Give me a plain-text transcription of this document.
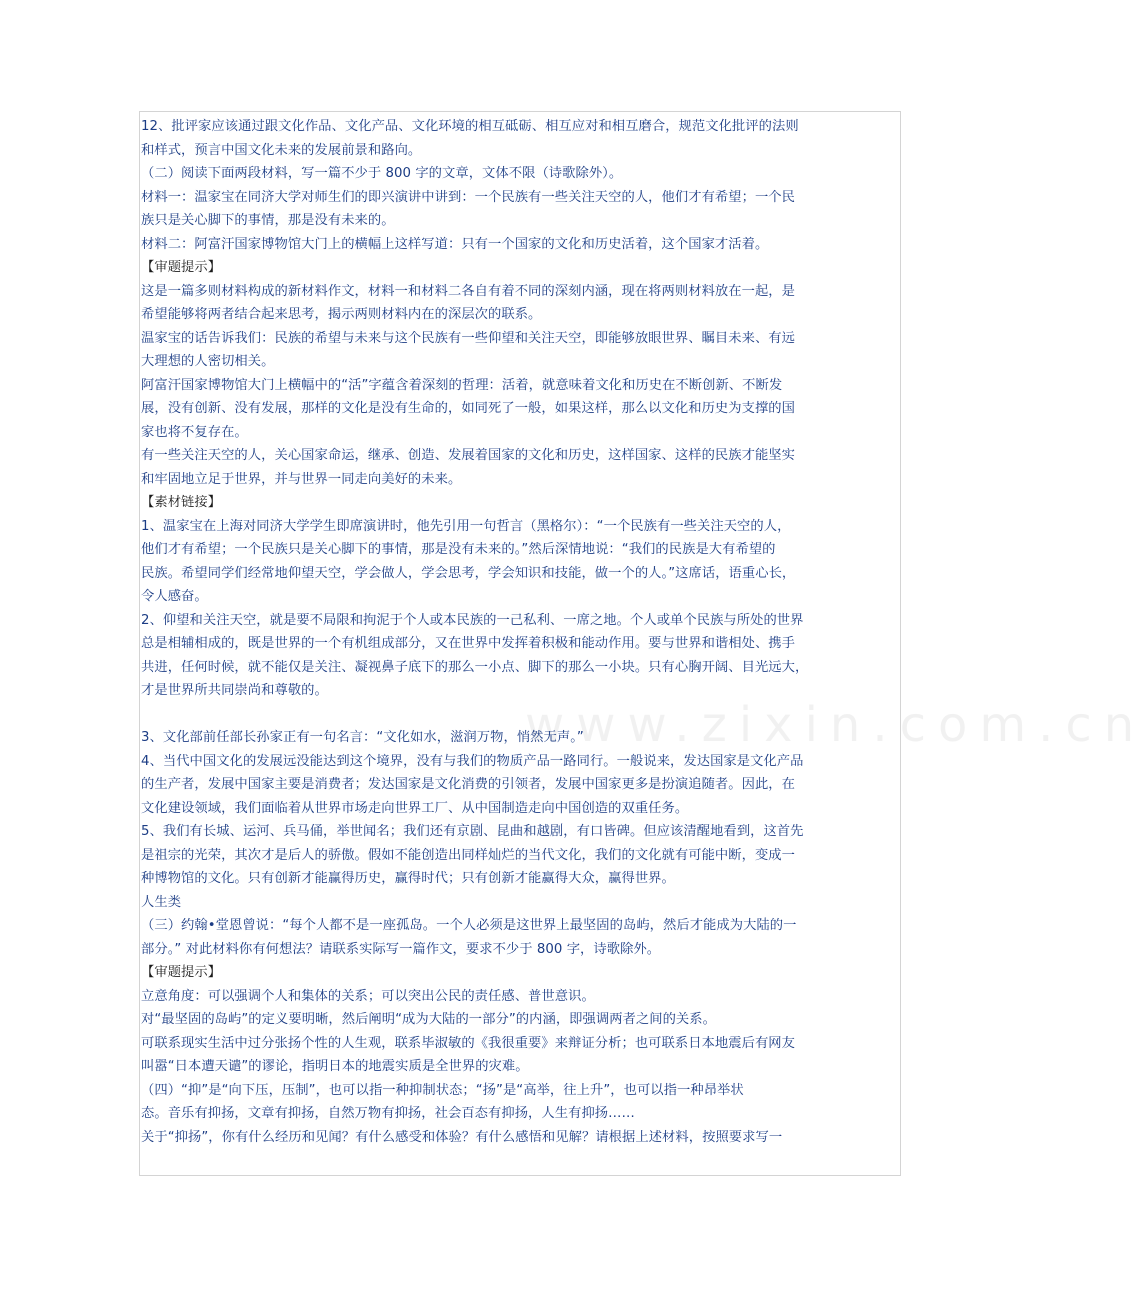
www.zixin.com.cn
12、批评家应该通过跟文化作品、文化产品、文化环境的相互砥砺、相互应对和相互磨合，规范文化批评的法则
和样式，预言中国文化未来的发展前景和路向。
（二）阅读下面两段材料，写一篇不少于 800 字的文章，文体不限（诗歌除外）。
材料一：温家宝在同济大学对师生们的即兴演讲中讲到：一个民族有一些关注天空的人，他们才有希望；一个民
族只是关心脚下的事情，那是没有未来的。
材料二：阿富汗国家博物馆大门上的横幅上这样写道：只有一个国家的文化和历史活着，这个国家才活着。
【审题提示】
这是一篇多则材料构成的新材料作文，材料一和材料二各自有着不同的深刻内涵，现在将两则材料放在一起，是
希望能够将两者结合起来思考，揭示两则材料内在的深层次的联系。
温家宝的话告诉我们：民族的希望与未来与这个民族有一些仰望和关注天空，即能够放眼世界、瞩目未来、有远
大理想的人密切相关。
阿富汗国家博物馆大门上横幅中的“活”字蕴含着深刻的哲理：活着，就意味着文化和历史在不断创新、不断发
展，没有创新、没有发展，那样的文化是没有生命的，如同死了一般，如果这样，那么以文化和历史为支撑的国
家也将不复存在。
有一些关注天空的人，关心国家命运，继承、创造、发展着国家的文化和历史，这样国家、这样的民族才能坚实
和牢固地立足于世界，并与世界一同走向美好的未来。
【素材链接】
1、温家宝在上海对同济大学学生即席演讲时，他先引用一句哲言（黑格尔）：“一个民族有一些关注天空的人，
他们才有希望；一个民族只是关心脚下的事情，那是没有未来的。”然后深情地说：“我们的民族是大有希望的
民族。希望同学们经常地仰望天空，学会做人，学会思考，学会知识和技能，做一个的人。”这席话，语重心长，
令人感奋。
2、仰望和关注天空，就是要不局限和拘泥于个人或本民族的一己私利、一席之地。个人或单个民族与所处的世界
总是相辅相成的，既是世界的一个有机组成部分，又在世界中发挥着积极和能动作用。要与世界和谐相处、携手
共进，任何时候，就不能仅是关注、凝视鼻子底下的那么一小点、脚下的那么一小块。只有心胸开阔、目光远大，
才是世界所共同崇尚和尊敬的。
3、文化部前任部长孙家正有一句名言：“文化如水，滋润万物，悄然无声。”
4、当代中国文化的发展远没能达到这个境界，没有与我们的物质产品一路同行。一般说来，发达国家是文化产品
的生产者，发展中国家主要是消费者；发达国家是文化消费的引领者，发展中国家更多是扮演追随者。因此，在
文化建设领域，我们面临着从世界市场走向世界工厂、从中国制造走向中国创造的双重任务。
5、我们有长城、运河、兵马俑，举世闻名；我们还有京剧、昆曲和越剧，有口皆碑。但应该清醒地看到，这首先
是祖宗的光荣，其次才是后人的骄傲。假如不能创造出同样灿烂的当代文化，我们的文化就有可能中断，变成一
种博物馆的文化。只有创新才能赢得历史，赢得时代；只有创新才能赢得大众，赢得世界。
人生类
（三）约翰•堂恩曾说：“每个人都不是一座孤岛。一个人必须是这世界上最坚固的岛屿，然后才能成为大陆的一
部分。” 对此材料你有何想法？请联系实际写一篇作文，要求不少于 800 字，诗歌除外。
【审题提示】
立意角度：可以强调个人和集体的关系；可以突出公民的责任感、普世意识。
对“最坚固的岛屿”的定义要明晰，然后阐明“成为大陆的一部分”的内涵，即强调两者之间的关系。
可联系现实生活中过分张扬个性的人生观，联系毕淑敏的《我很重要》来辩证分析；也可联系日本地震后有网友
叫嚣“日本遭天谴”的谬论，指明日本的地震实质是全世界的灾难。
（四）“抑”是“向下压，压制”，也可以指一种抑制状态；“扬”是“高举，往上升”，也可以指一种昂举状
态。音乐有抑扬，文章有抑扬，自然万物有抑扬，社会百态有抑扬，人生有抑扬……
关于“抑扬”，你有什么经历和见闻？有什么感受和体验？有什么感悟和见解？请根据上述材料，按照要求写一
